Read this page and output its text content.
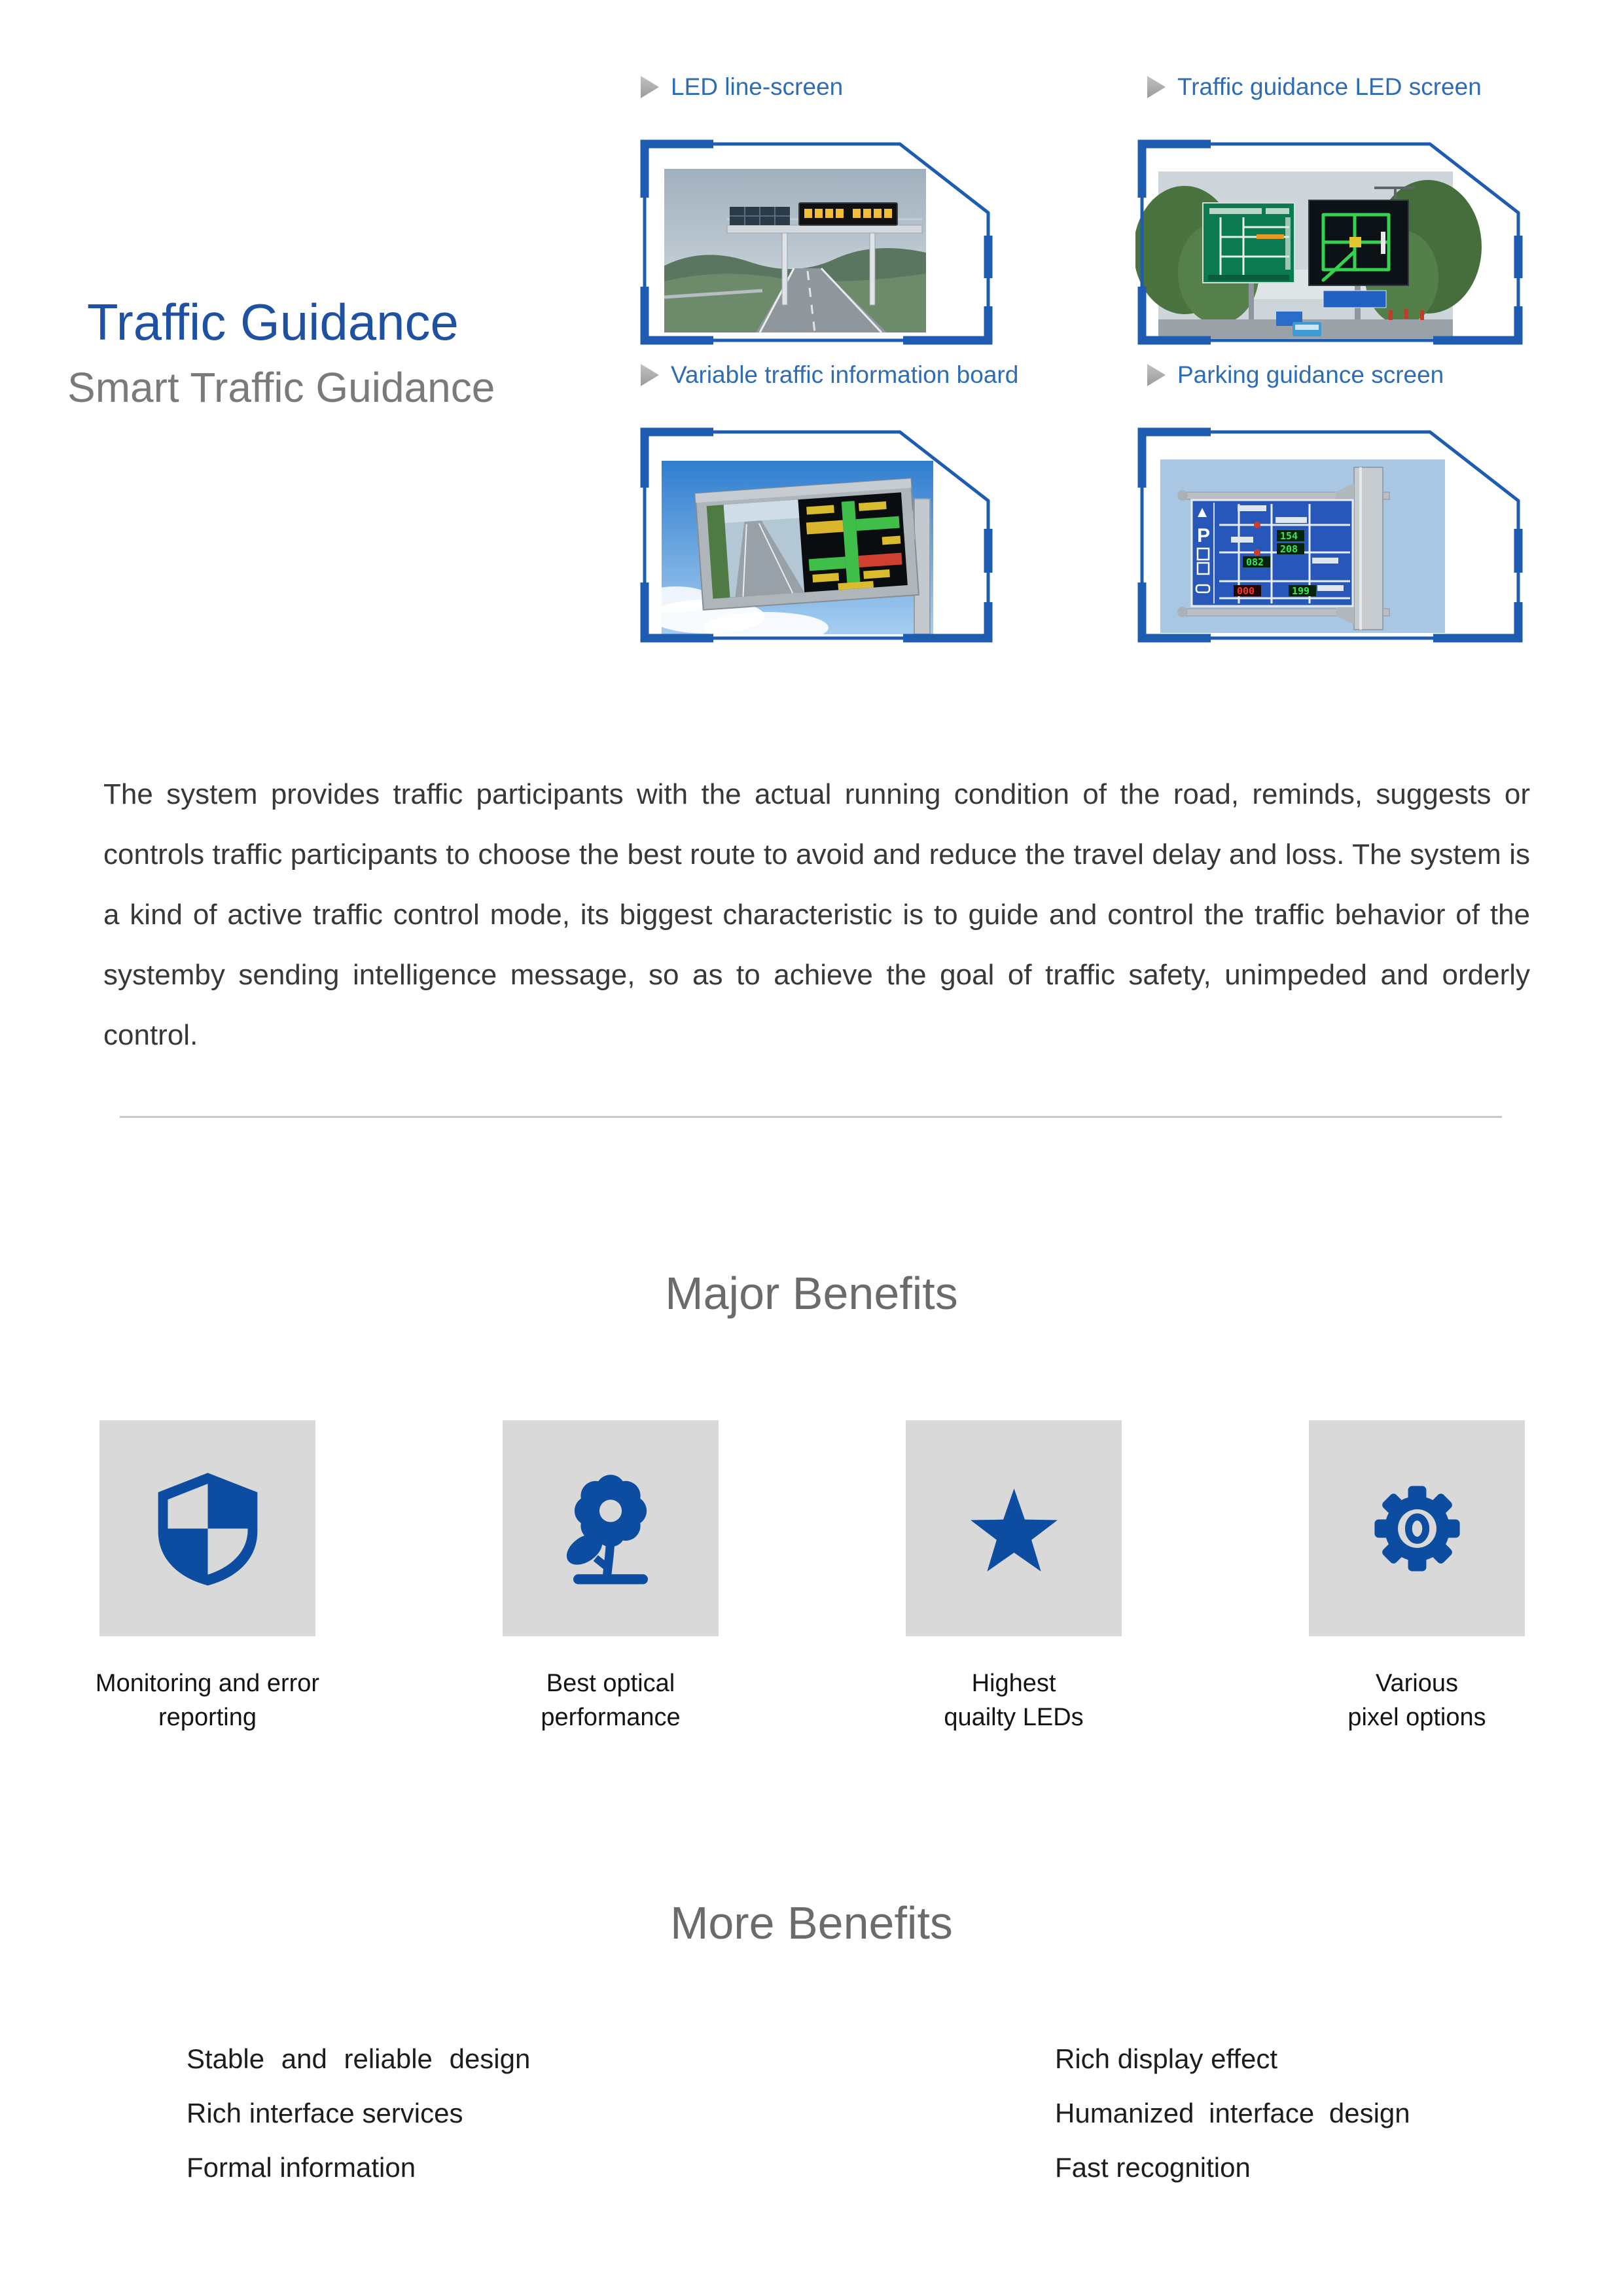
Traffic Guidance
Smart Traffic Guidance
LED line-screen	Traffic guidance LED screen
Variable traffic information board	Parking guidance screen
P	154
208
082
000	199

The system provides traffic participants with the actual running condition of the road, reminds, suggests or controls traffic participants to choose the best route to avoid and reduce the travel delay and loss. The system is a kind of active traffic control mode, its biggest characteristic is to guide and control the traffic behavior of the systemby sending intelligence message, so as to achieve the goal of traffic safety, unimpeded and orderly control.

Major Benefits
Monitoring and error
reporting
Best optical
performance
Highest
quailty LEDs
Various
pixel options
More Benefits
Stable and reliable design
Rich interface services
Formal information
Rich display effect
Humanized interface design
Fast recognition
